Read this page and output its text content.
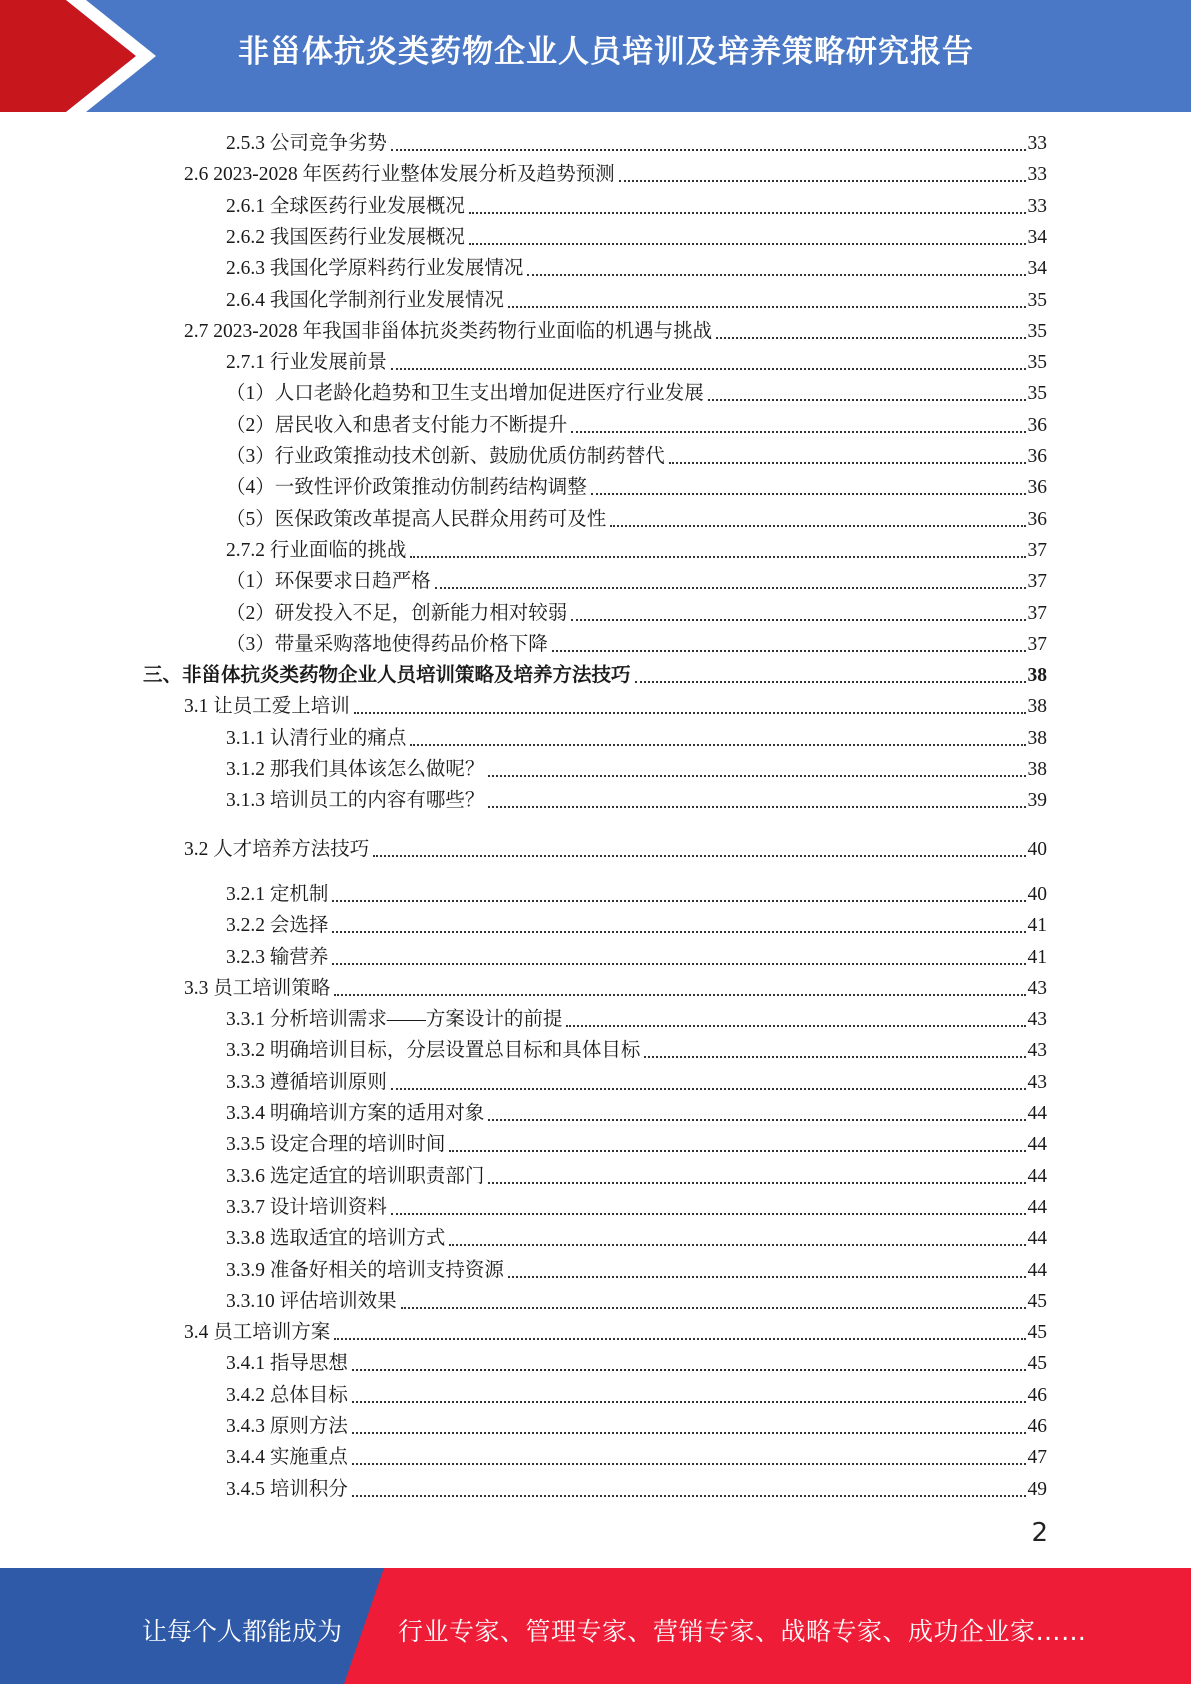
非甾体抗炎类药物企业人员培训及培养策略研究报告
2.5.3 公司竞争劣势	33
2.6 2023-2028 年医药行业整体发展分析及趋势预测	33
2.6.1 全球医药行业发展概况	33
2.6.2 我国医药行业发展概况	34
2.6.3 我国化学原料药行业发展情况	34
2.6.4 我国化学制剂行业发展情况	35
2.7 2023-2028 年我国非甾体抗炎类药物行业面临的机遇与挑战	35
2.7.1 行业发展前景	35
（1）人口老龄化趋势和卫生支出增加促进医疗行业发展	35
（2）居民收入和患者支付能力不断提升	36
（3）行业政策推动技术创新、鼓励优质仿制药替代	36
（4）一致性评价政策推动仿制药结构调整	36
（5）医保政策改革提高人民群众用药可及性	36
2.7.2 行业面临的挑战	37
（1）环保要求日趋严格	37
（2）研发投入不足，创新能力相对较弱	37
（3）带量采购落地使得药品价格下降	37
三、非甾体抗炎类药物企业人员培训策略及培养方法技巧	38
3.1 让员工爱上培训	38
3.1.1 认清行业的痛点	38
3.1.2 那我们具体该怎么做呢？	38
3.1.3 培训员工的内容有哪些？	39
3.2 人才培养方法技巧	40
3.2.1 定机制	40
3.2.2 会选择	41
3.2.3 输营养	41
3.3 员工培训策略	43
3.3.1 分析培训需求——方案设计的前提	43
3.3.2 明确培训目标，分层设置总目标和具体目标	43
3.3.3 遵循培训原则	43
3.3.4 明确培训方案的适用对象	44
3.3.5 设定合理的培训时间	44
3.3.6 选定适宜的培训职责部门	44
3.3.7 设计培训资料	44
3.3.8 选取适宜的培训方式	44
3.3.9 准备好相关的培训支持资源	44
3.3.10 评估培训效果	45
3.4 员工培训方案	45
3.4.1 指导思想	45
3.4.2 总体目标	46
3.4.3 原则方法	46
3.4.4 实施重点	47
3.4.5 培训积分	49
2
让每个人都能成为 行业专家、管理专家、营销专家、战略专家、成功企业家……
